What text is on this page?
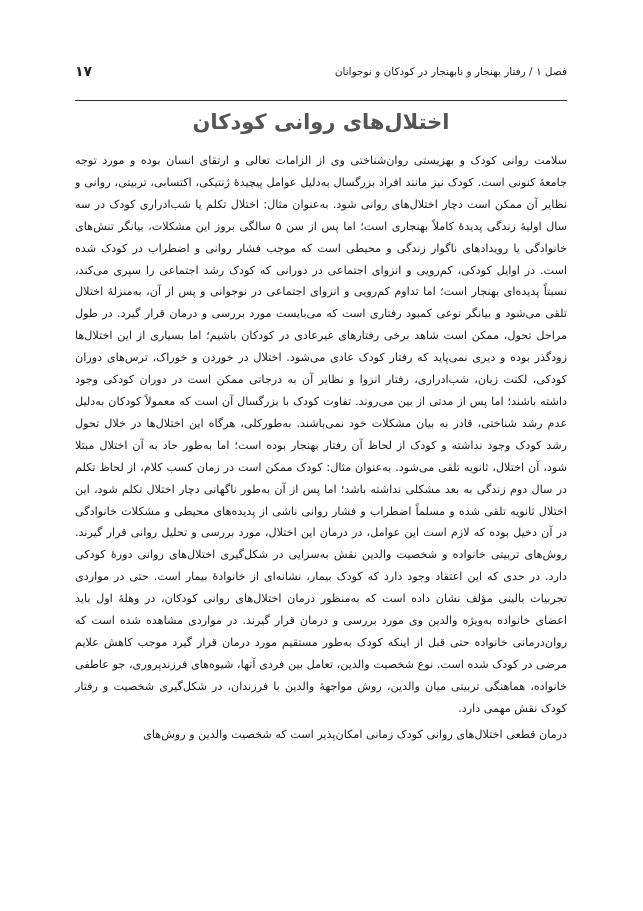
۱۷	فصل ۱ / رفتار بهنجار و نابهنجار در کودکان و نوجوانان
اختلال‌های روانی کودکان

سلامت روانی کودک و بهزیستی روان‌شناختی وی از الزامات تعالی و ارتقای انسان بوده و مورد توجه جامعهٔ کنونی است. کودک نیز مانند افراد بزرگسال به‌دلیل عوامل پیچیدهٔ ژنتیکی، اکتسابی، تربیتی، روانی و نظایر آن ممکن است دچار اختلال‌های روانی شود. به‌عنوان مثال: اختلال تکلم یا شب‌ادراری کودک در سه سال اولیهٔ زندگی پدیدهٔ کاملاً بهنجاری است؛ اما پس از سن ۵ سالگی بروز این مشکلات، بیانگر تنش‌های خانوادگی یا رویدادهای ناگوار زندگی و محیطی است که موجب فشار روانی و اضطراب در کودک شده است. در اوایل کودکی، کم‌رویی و انزوای اجتماعی در دورانی که کودک رشد اجتماعی را سپری می‌کند، نسبتاً پدیده‌ای بهنجار است؛ اما تداوم کم‌رویی و انزوای اجتماعی در نوجوانی و پس از آن، به‌منزلهٔ اختلال تلقی می‌شود و بیانگر نوعی کمبود رفتاری است که می‌بایست مورد بررسی و درمان قرار گیرد. در طول مراحل تحول، ممکن است شاهد برخی رفتارهای غیرعادی در کودکان باشیم؛ اما بسیاری از این اختلال‌ها زودگذر بوده و دیری نمی‌پاید که رفتار کودک عادی می‌شود. اختلال در خوردن و خوراک، ترس‌های دوران کودکی، لکنت زبان، شب‌ادراری، رفتار انزوا و نظایر آن به درجاتی ممکن است در دوران کودکی وجود داشته باشند؛ اما پس از مدتی از بین می‌روند. تفاوت کودک با بزرگسال آن است که معمولاً کودکان به‌دلیل عدم رشد شناختی، قادر به بیان مشکلات خود نمی‌باشند. به‌طورکلی، هرگاه این اختلال‌ها در خلال تحول رشد کودک وجود نداشته و کودک از لحاظ آن رفتار بهنجار بوده است؛ اما به‌طور حاد به آن اختلال مبتلا شود، آن اختلال، ثانویه تلقی می‌شود. به‌عنوان مثال: کودک ممکن است در زمان کسب کلام، از لحاظ تکلم در سال دوم زندگی به بعد مشکلی نداشته باشد؛ اما پس از آن به‌طور ناگهانی دچار اختلال تکلم شود، این اختلال ثانویه تلقی شده و مسلماً اضطراب و فشار روانی ناشی از پدیده‌های محیطی و مشکلات خانوادگی در آن دخیل بوده که لازم است این عوامل، در درمان این اختلال، مورد بررسی و تحلیل روانی قرار گیرند. روش‌های تربیتی خانواده و شخصیت والدین نقش به‌سزایی در شکل‌گیری اختلال‌های روانی دورهٔ کودکی دارد. در حدی که این اعتقاد وجود دارد که کودک بیمار، نشانه‌ای از خانوادهٔ بیمار است. حتی در مواردی تجربیات بالینی مؤلف نشان داده است که به‌منظور درمان اختلال‌های روانی کودکان، در وهلهٔ اول باید اعضای خانواده به‌ویژه والدین وی مورد بررسی و درمان قرار گیرند. در مواردی مشاهده شده است که روان‌درمانی خانواده حتی قبل از اینکه کودک به‌طور مستقیم مورد درمان قرار گیرد موجب کاهش علایم مرضی در کودک شده است. نوع شخصیت والدین، تعامل بین فردی آنها، شیوه‌های فرزندپروری، جو عاطفی خانواده، هماهنگی تربیتی میان والدین، روش مواجههٔ والدین با فرزندان، در شکل‌گیری شخصیت و رفتار کودک نقش مهمی دارد.

درمان قطعی اختلال‌های روانی کودک زمانی امکان‌پذیر است که شخصیت والدین و روش‌های
